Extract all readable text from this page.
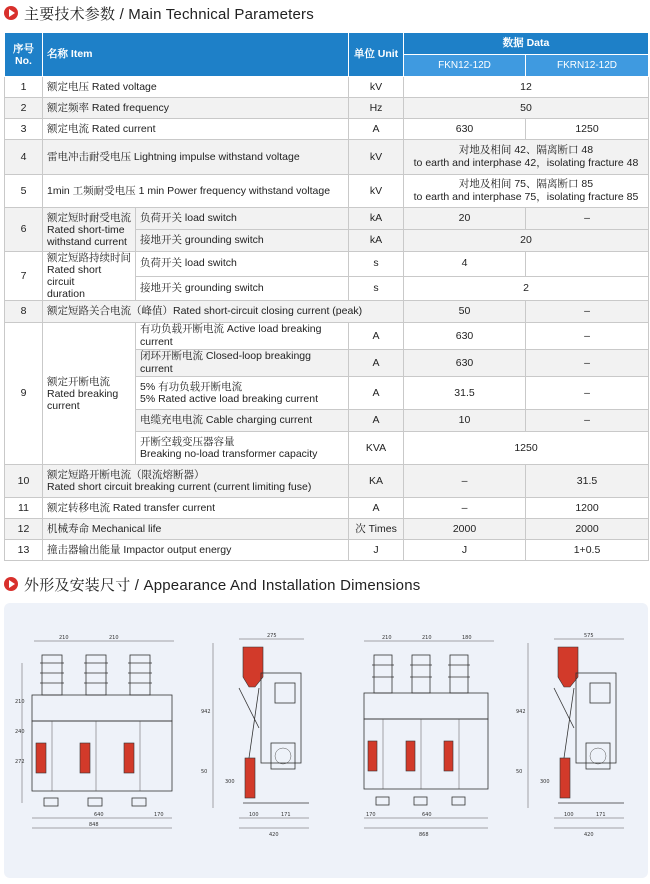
主要技术参数 / Main Technical Parameters
序号
No.	名称 Item		单位 Unit	数据 Data	
				FKN12-12D	FKRN12-12D
1	额定电压 Rated voltage		kV	12	
2	额定频率 Rated frequency		Hz	50	
3	额定电流 Rated current		A	630	1250
4	雷电冲击耐受电压 Lightning impulse withstand voltage		kV	对地及相间 42、隔离断口 48
to earth and interphase 42，isolating fracture 48	

5	1min 工频耐受电压 1 min Power frequency withstand voltage		kV	对地及相间 75、隔离断口 85
to earth and interphase 75，isolating fracture 85	

6	额定短时耐受电流
Rated short-time
withstand current	负荷开关 load switch	kA	20	–
		接地开关 grounding switch	kA	20	
7	额定短路持续时间
Rated short circuit
duration	负荷开关 load switch	s	4	
		接地开关 grounding switch	s	2	
8	额定短路关合电流（峰值）Rated short-circuit closing current (peak)			50	–
9	额定开断电流
Rated breaking
current	有功负载开断电流 Active load breaking current	A	630	–
		闭环开断电流 Closed-loop breakingg current	A	630	–
		5% 有功负载开断电流
5% Rated active load breaking current	A	31.5	–
		电缆充电电流 Cable charging current	A	10	–
		开断空载变压器容量
Breaking no-load transformer capacity	KVA	1250	
10	额定短路开断电流（限流熔断器）
Rated short circuit breaking current (current limiting fuse)		KA	–	31.5
11	额定转移电流 Rated transfer current		A	–	1200
12	机械寿命 Mechanical life		次 Times	2000	2000
13	撞击器输出能量 Impactor output energy		J	J	1+0.5
外形及安装尺寸 / Appearance And Installation Dimensions
210	210
210
240
272
640
848
170
275
942
50
300
100	171
420
210	210	180
170	640
868
575
942
50
300
100	171
420
